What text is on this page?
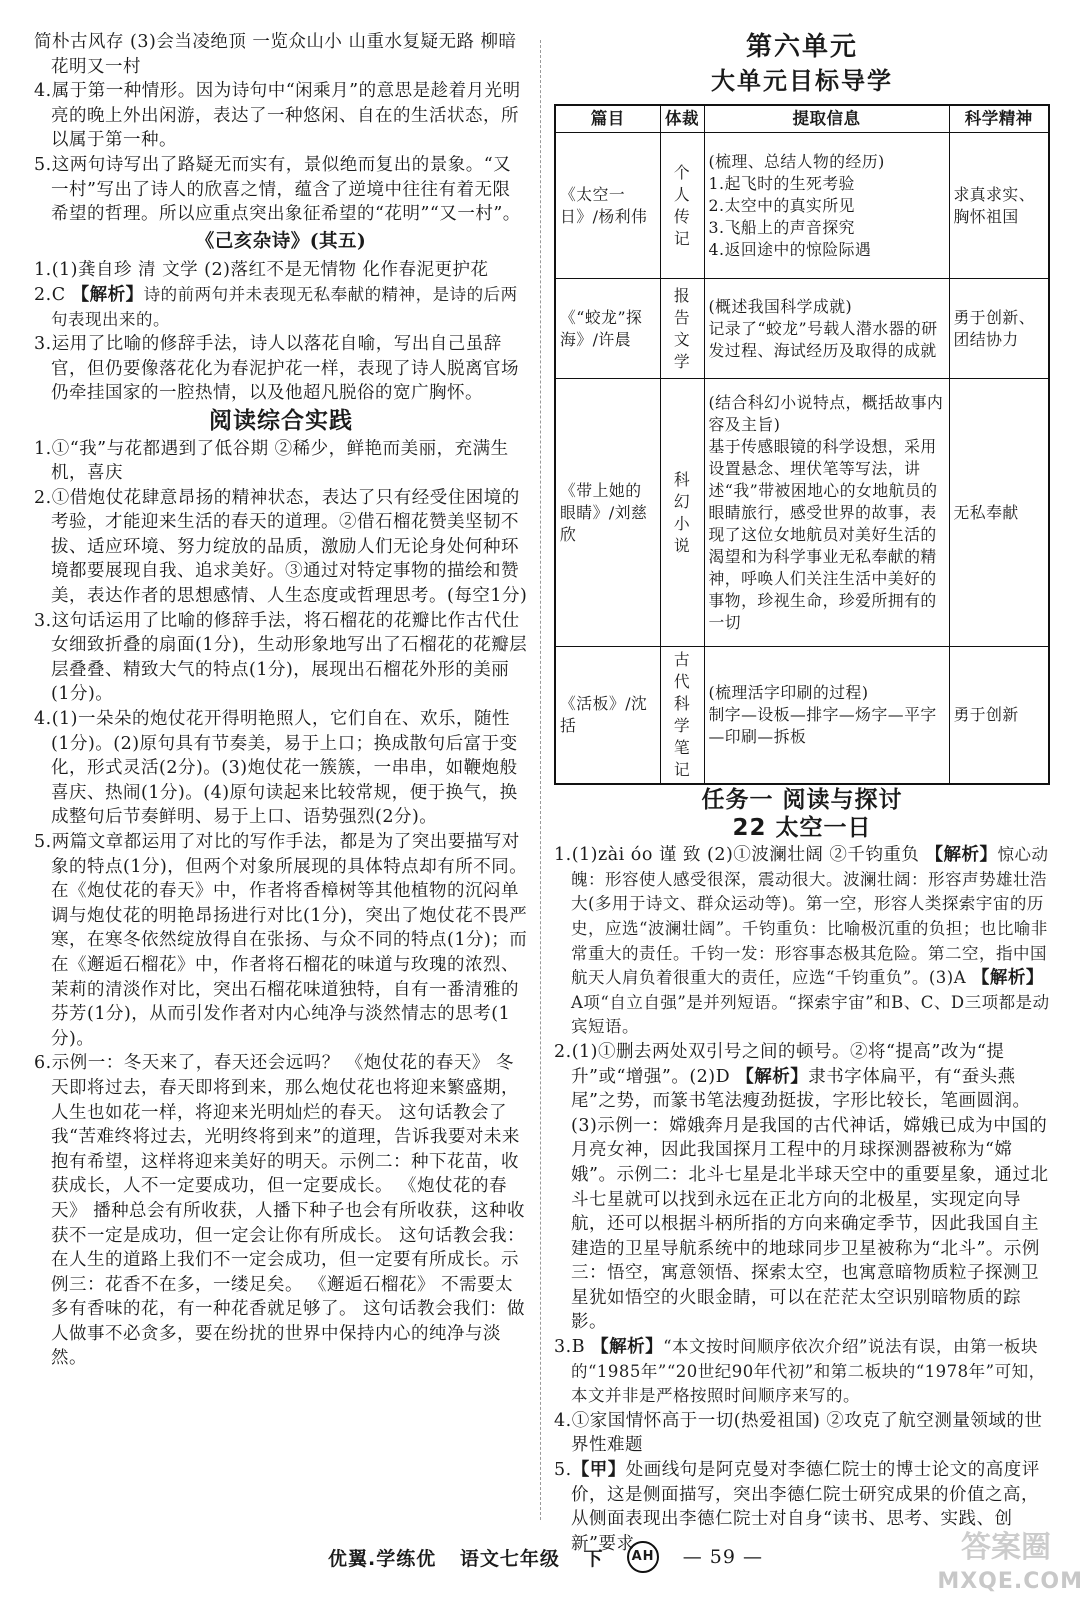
简朴古风存 (3)会当凌绝顶 一览众山小 山重水复疑无路 柳暗花明又一村

4.属于第一种情形。因为诗句中“闲乘月”的意思是趁着月光明亮的晚上外出闲游，表达了一种悠闲、自在的生活状态，所以属于第一种。

5.这两句诗写出了路疑无而实有，景似绝而复出的景象。“又一村”写出了诗人的欣喜之情，蕴含了逆境中往往有着无限希望的哲理。所以应重点突出象征希望的“花明”“又一村”。

《己亥杂诗》(其五)

1.(1)龚自珍 清 文学 (2)落红不是无情物 化作春泥更护花

2.C 【解析】诗的前两句并未表现无私奉献的精神，是诗的后两句表现出来的。

3.运用了比喻的修辞手法，诗人以落花自喻，写出自己虽辞官，但仍要像落花化为春泥护花一样，表现了诗人脱离官场仍牵挂国家的一腔热情，以及他超凡脱俗的宽广胸怀。

阅读综合实践

1.①“我”与花都遇到了低谷期 ②稀少，鲜艳而美丽，充满生机，喜庆

2.①借炮仗花肆意昂扬的精神状态，表达了只有经受住困境的考验，才能迎来生活的春天的道理。②借石榴花赞美坚韧不拔、适应环境、努力绽放的品质，激励人们无论身处何种环境都要展现自我、追求美好。③通过对特定事物的描绘和赞美，表达作者的思想感情、人生态度或哲理思考。(每空1分)

3.这句话运用了比喻的修辞手法，将石榴花的花瓣比作古代仕女细致折叠的扇面(1分)，生动形象地写出了石榴花的花瓣层层叠叠、精致大气的特点(1分)，展现出石榴花外形的美丽(1分)。

4.(1)一朵朵的炮仗花开得明艳照人，它们自在、欢乐，随性(1分)。(2)原句具有节奏美，易于上口；换成散句后富于变化，形式灵活(2分)。(3)炮仗花一簇簇，一串串，如鞭炮般喜庆、热闹(1分)。(4)原句读起来比较常规，便于换气，换成整句后节奏鲜明、易于上口、语势强烈(2分)。

5.两篇文章都运用了对比的写作手法，都是为了突出要描写对象的特点(1分)，但两个对象所展现的具体特点却有所不同。在《炮仗花的春天》中，作者将香樟树等其他植物的沉闷单调与炮仗花的明艳昂扬进行对比(1分)，突出了炮仗花不畏严寒，在寒冬依然绽放得自在张扬、与众不同的特点(1分)；而在《邂逅石榴花》中，作者将石榴花的味道与玫瑰的浓烈、茉莉的清淡作对比，突出石榴花味道独特，自有一番清雅的芬芳(1分)，从而引发作者对内心纯净与淡然情志的思考(1分)。

6.示例一：冬天来了，春天还会远吗？ 《炮仗花的春天》 冬天即将过去，春天即将到来，那么炮仗花也将迎来繁盛期，人生也如花一样，将迎来光明灿烂的春天。 这句话教会了我“苦难终将过去，光明终将到来”的道理，告诉我要对未来抱有希望，这样将迎来美好的明天。示例二：种下花苗，收获成长，人不一定要成功，但一定要成长。 《炮仗花的春天》 播种总会有所收获，人播下种子也会有所收获，这种收获不一定是成功，但一定会让你有所成长。 这句话教会我：在人生的道路上我们不一定会成功，但一定要有所成长。示例三：花香不在多，一缕足矣。 《邂逅石榴花》 不需要太多有香味的花，有一种花香就足够了。 这句话教会我们：做人做事不必贪多，要在纷扰的世界中保持内心的纯净与淡然。

第六单元

大单元目标导学

篇目	体裁	提取信息	科学精神
《太空一日》/杨利伟	个人传记	(梳理、总结人物的经历)
1.起飞时的生死考验
2.太空中的真实所见
3.飞船上的声音探究
4.返回途中的惊险际遇	求真求实、胸怀祖国
《“蛟龙”探海》/许晨	报告文学	(概述我国科学成就)
记录了“蛟龙”号载人潜水器的研发过程、海试经历及取得的成就	勇于创新、团结协力
《带上她的眼睛》/刘慈欣	科幻小说	(结合科幻小说特点，概括故事内容及主旨)
基于传感眼镜的科学设想，采用设置悬念、埋伏笔等写法，讲述“我”带被困地心的女地航员的眼睛旅行，感受世界的故事，表现了这位女地航员对美好生活的渴望和为科学事业无私奉献的精神，呼唤人们关注生活中美好的事物，珍视生命，珍爱所拥有的一切	无私奉献
《活板》/沈括	古代科学笔记	(梳理活字印刷的过程)
制字—设板—排字—炀字—平字—印刷—拆板	勇于创新

任务一 阅读与探讨

22 太空一日

1.(1)zài óo 谨 致 (2)①波澜壮阔 ②千钧重负 【解析】惊心动魄：形容使人感受很深，震动很大。波澜壮阔：形容声势雄壮浩大(多用于诗文、群众运动等)。第一空，形容人类探索宇宙的历史，应选“波澜壮阔”。千钧重负：比喻极沉重的负担；也比喻非常重大的责任。千钧一发：形容事态极其危险。第二空，指中国航天人肩负着很重大的责任，应选“千钧重负”。(3)A 【解析】A项“自立自强”是并列短语。“探索宇宙”和B、C、D三项都是动宾短语。

2.(1)①删去两处双引号之间的顿号。②将“提高”改为“提升”或“增强”。(2)D 【解析】隶书字体扁平，有“蚕头燕尾”之势，而篆书笔法瘦劲挺拔，字形比较长，笔画圆润。(3)示例一：嫦娥奔月是我国的古代神话，嫦娥已成为中国的月亮女神，因此我国探月工程中的月球探测器被称为“嫦娥”。示例二：北斗七星是北半球天空中的重要星象，通过北斗七星就可以找到永远在正北方向的北极星，实现定向导航，还可以根据斗柄所指的方向来确定季节，因此我国自主建造的卫星导航系统中的地球同步卫星被称为“北斗”。示例三：悟空，寓意领悟、探索太空，也寓意暗物质粒子探测卫星犹如悟空的火眼金睛，可以在茫茫太空识别暗物质的踪影。

3.B 【解析】“本文按时间顺序依次介绍”说法有误，由第一板块的“1985年”“20世纪90年代初”和第二板块的“1978年”可知，本文并非是严格按照时间顺序来写的。

4.①家国情怀高于一切(热爱祖国) ②攻克了航空测量领域的世界性难题

5.【甲】处画线句是阿克曼对李德仁院士的博士论文的高度评价，这是侧面描写，突出李德仁院士研究成果的价值之高，从侧面表现出李德仁院士对自身“读书、思考、实践、创新”要求

优翼.学练优 语文七年级 下 AH — 59 —	答案圈
MXQE.COM
